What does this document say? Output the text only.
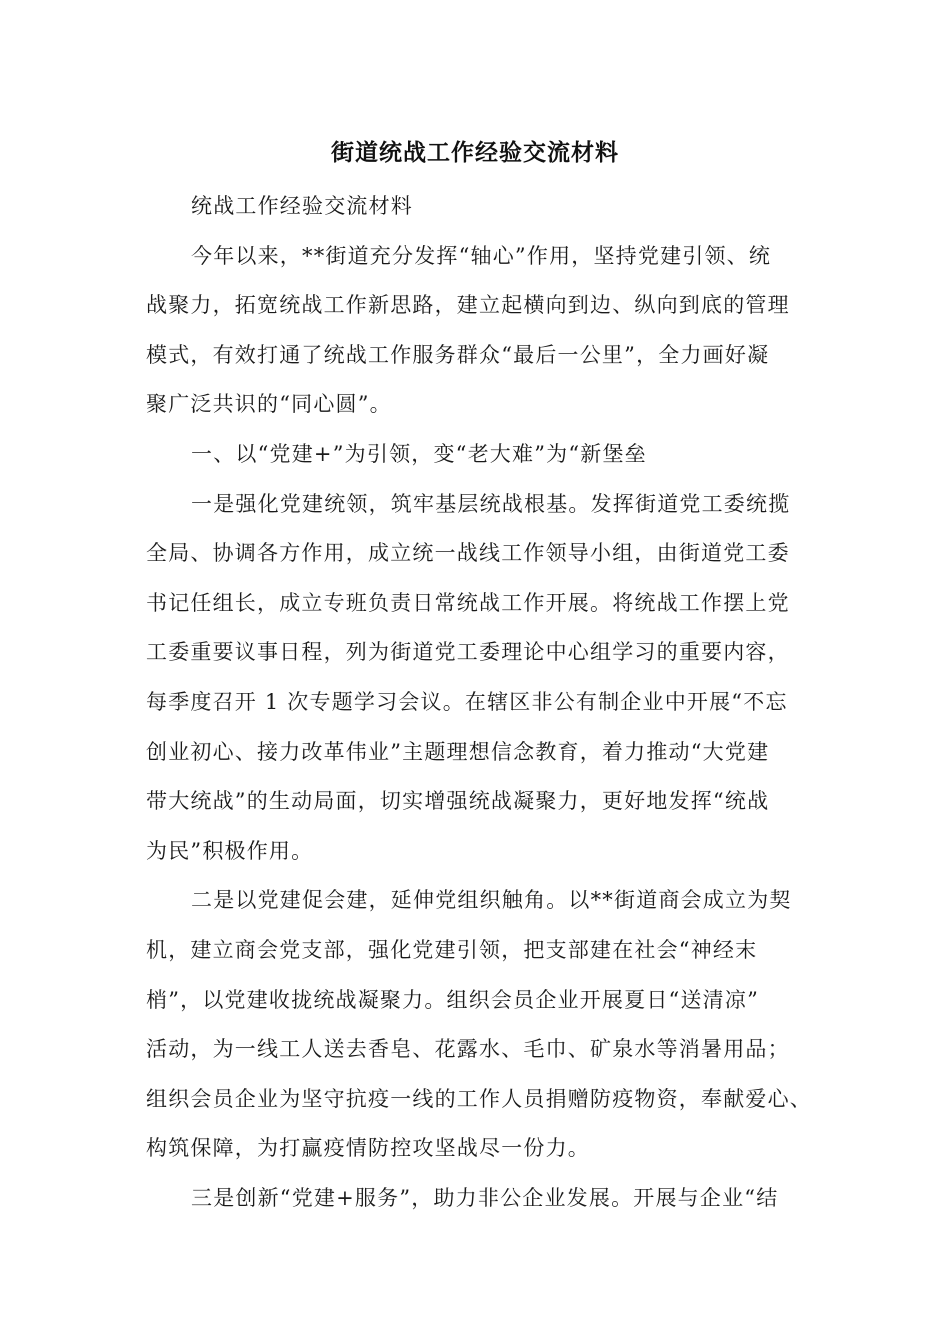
街道统战工作经验交流材料

统战工作经验交流材料

今年以来，**街道充分发挥“轴心”作用，坚持党建引领、统

战聚力，拓宽统战工作新思路，建立起横向到边、纵向到底的管理

模式，有效打通了统战工作服务群众“最后一公里”，全力画好凝

聚广泛共识的“同心圆”。

一、以“党建+”为引领，变“老大难”为“新堡垒

一是强化党建统领，筑牢基层统战根基。发挥街道党工委统揽

全局、协调各方作用，成立统一战线工作领导小组，由街道党工委

书记任组长，成立专班负责日常统战工作开展。将统战工作摆上党

工委重要议事日程，列为街道党工委理论中心组学习的重要内容，

每季度召开 1 次专题学习会议。在辖区非公有制企业中开展“不忘

创业初心、接力改革伟业”主题理想信念教育，着力推动“大党建

带大统战”的生动局面，切实增强统战凝聚力，更好地发挥“统战

为民”积极作用。

二是以党建促会建，延伸党组织触角。以**街道商会成立为契

机，建立商会党支部，强化党建引领，把支部建在社会“神经末

梢”，以党建收拢统战凝聚力。组织会员企业开展夏日“送清凉”

活动，为一线工人送去香皂、花露水、毛巾、矿泉水等消暑用品；

组织会员企业为坚守抗疫一线的工作人员捐赠防疫物资，奉献爱心、

构筑保障，为打赢疫情防控攻坚战尽一份力。

三是创新“党建+服务”，助力非公企业发展。开展与企业“结
